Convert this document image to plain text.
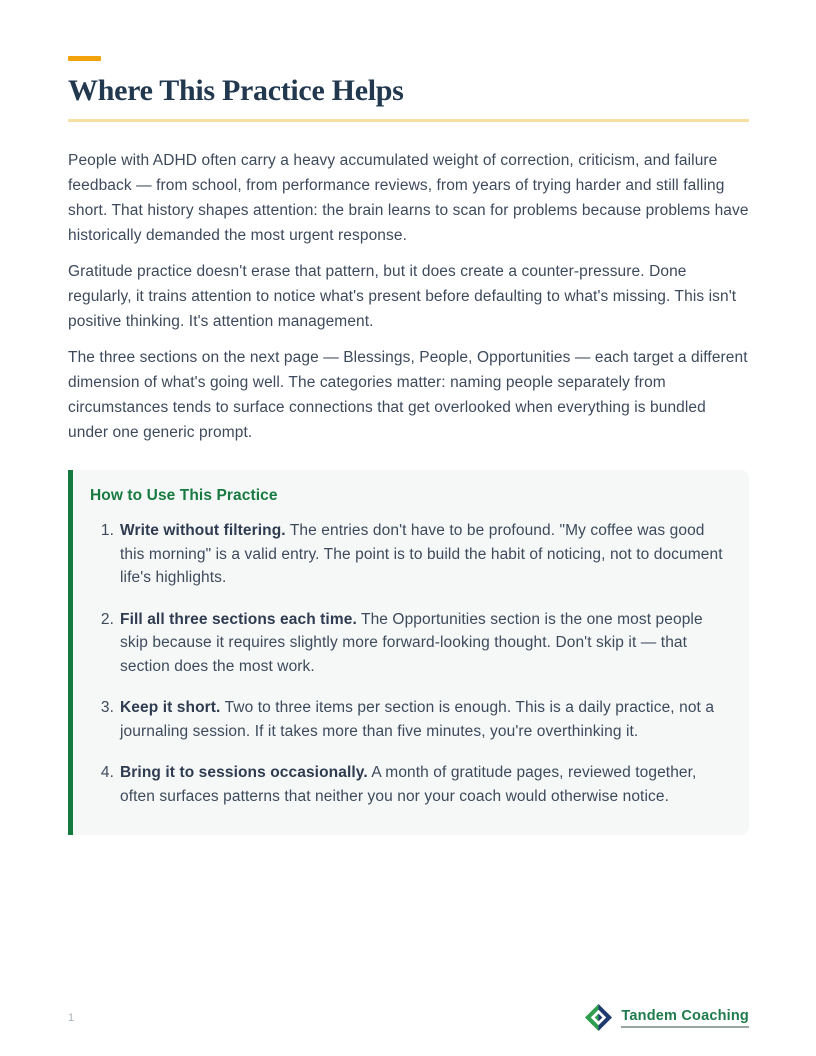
Where This Practice Helps

People with ADHD often carry a heavy accumulated weight of correction, criticism, and failure feedback — from school, from performance reviews, from years of trying harder and still falling short. That history shapes attention: the brain learns to scan for problems because problems have historically demanded the most urgent response.

Gratitude practice doesn't erase that pattern, but it does create a counter-pressure. Done regularly, it trains attention to notice what's present before defaulting to what's missing. This isn't positive thinking. It's attention management.

The three sections on the next page — Blessings, People, Opportunities — each target a different dimension of what's going well. The categories matter: naming people separately from circumstances tends to surface connections that get overlooked when everything is bundled under one generic prompt.

How to Use This Practice
1. Write without filtering. The entries don't have to be profound. "My coffee was good this morning" is a valid entry. The point is to build the habit of noticing, not to document life's highlights.
2. Fill all three sections each time. The Opportunities section is the one most people skip because it requires slightly more forward-looking thought. Don't skip it — that section does the most work.
3. Keep it short. Two to three items per section is enough. This is a daily practice, not a journaling session. If it takes more than five minutes, you're overthinking it.
4. Bring it to sessions occasionally. A month of gratitude pages, reviewed together, often surfaces patterns that neither you nor your coach would otherwise notice.
1	Tandem Coaching
